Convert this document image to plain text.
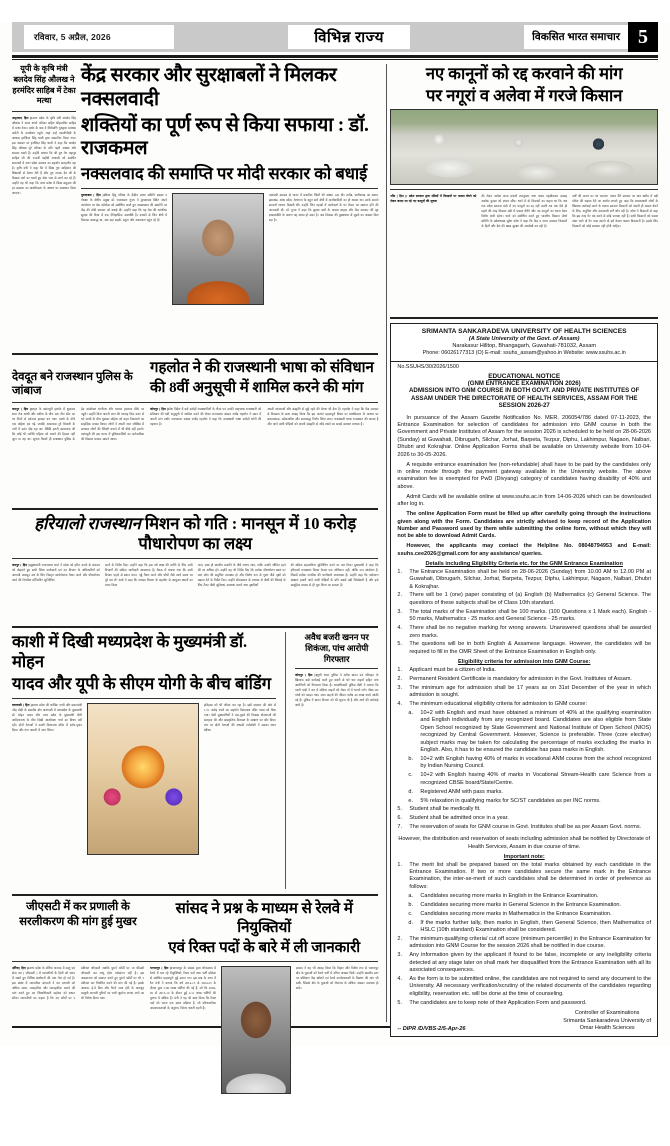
रविवार, 5 अप्रैल, 2026	विभिन्न राज्य	विकसित भारत समाचार 5
यूपी के कृषि मंत्री बलदेव सिंह औलख ने हरमंदिर साहिब में टेका मत्था
अमृतसर( हिम )।उत्तर प्रदेश के कृषि मंत्री बलदेव सिंह औलख ने आज अपने परिवार सहित श्रीहरमंदिर साहिब में माथा टेका। दर्शन के बाद वे शिरोमणि गुरुद्वारा प्रबंधक कमेटी के कार्यालय पहुंचे, जहां उन्हें एसजीपीसी के अध्यक्ष हरजिंदर सिंह धामी द्वारा सम्मानित किया गया। इस अवसर पर हरजिंदर सिंह धामी ने कहा कि बलदेव सिंह औलख पूरे परिवार के प्रति गहरी आस्था और सम्मान रखते हैं। उन्होंने बताया कि श्री गुरु तेग बहादुर साहिब जी की 350वीं शहीदी शताब्दी को समर्पित समागमों में उत्तर प्रदेश सरकार का सहयोग सराहनीय रहा है। कृषि मंत्री ने कहा कि वे सिख गुरु साहिबान की शिक्षाओं से प्रेरणा लेते हैं और गुरु नानक देव जी के दिखाए मार्ग पर चलते हुए सेवा भाव से कार्य कर रहे हैं। उन्होंने यह भी कहा कि उत्तर प्रदेश में सिख समुदाय की हर समस्या का प्राथमिकता के आधार पर समाधान किया जाएगा।
केंद्र सरकार और सुरक्षाबलों ने मिलकर नक्सलवादी
शक्तियों का पूर्ण रूप से किया सफाया : डॉ. राजकमल
नक्सलवाद की समाप्ति पर मोदी सरकार को बधाई
मुरादाबाद ( हिम )।विश्व हिंदू परिषद के केंद्रीय प्रचार समिति सदस्य व गोरक्षा के क्षेत्रीय प्रमुख डॉ. राजकमल गुप्ता ने मुरादाबाद स्थित अपने कार्यालय पर प्रेस कॉन्फ्रेंस को संबोधित करते हुए नक्सलवाद की समाप्ति पर केंद्र की मोदी सरकार को बधाई दी। उन्होंने कहा कि यह देश की आंतरिक सुरक्षा की दिशा में एक ऐतिहासिक उपलब्धि है। दशकों से जिन क्षेत्रों में विकास अवरुद्ध था, अब वहां सड़कें, स्कूल और अस्पताल पहुंच रहे हैं।
वामपंथी उग्रवाद से भारत में प्रभावित जिलों की संख्या 126 थी। राजेंद्र, छत्तीसगढ़ का बस्तर, झारखंड, आंध्र प्रदेश, तेलंगाना के बहुत सारे क्षेत्रों में माओवादियों का ही शासन था। उनके सामने सरकारें लाचार दिखती थीं। उन्होंने जिन पहाड़ों में कार्यकर्ता के घर मैदान का समाप्त होने की जानकारी दी। डॉ. गुप्ता ने कहा कि सुरक्षा बलों के अदम्य साहस और केंद्र सरकार की दृढ़ इच्छाशक्ति के कारण यह संभव हो सका है। अब विकास की मुख्यधारा से जुड़ने का अवसर मिल रहा है।
देवदूत बने राजस्थान पुलिस के जांबाज
गहलोत ने की राजस्थानी भाषा को संविधान
की 8वीं अनुसूची में शामिल करने की मांग
जयपुर ( हिम )।शहर के बसंतपुरी इलाके में शुक्रवार शाम तेज आंधी और बारिश के बीच एक तीन सीट का घर गिरने से दर्दनाक हादसा बन गया। मलबे के नीचे एक महिला दब गई, जबकि आसपास टूटे बिजली के तारों में करंट दौड़ रहा था। स्थिति इतनी खतरनाक थी कि कोई भी व्यक्ति महिला को बचाने की हिम्मत नहीं जुटा पा रहा था। सूचना मिलते ही राजस्थान पुलिस के हेड कांस्टेबल भागीरथ और चालक हंसराज मौके पर पहुंचे। उन्होंने बिना अपनी जान की परवाह किए करंट से भरे मलबे के बीच घुसकर महिला को बाहर निकालने का साहसिक प्रयास किया। लोगों ने अपनी जान जोखिम में डालकर लोगों की जिंदगी बचाने में भी पीछे नहीं हटाते। बसंतपुरी की इस घटना में पुलिसकर्मियों का कर्तव्यनिष्ठा की मिसाल बनकर सामने आया।
जोधपुर ( हिम )।देश विदेश में बसे करोड़ों राजस्थानियों के गौरव एवं उनकी मातृभाषा राजस्थानी को संविधान की 8वीं अनुसूची में शामिल करने की लेकर राज्यसभा सांसद राजेंद्र गहलोत ने सदन में अपनी मांग रखी। राज्यसभा सांसद राजेंद्र गहलोत ने कहा कि राजस्थानी भाषा करोड़ों लोगों की पहचान है।
अपनी परंपराओं और संस्कृति से जुड़े रहने की प्रेरणा भी देता है। गहलोत ने कहा कि केंद्र सरकार से विनम्रता के साथ आग्रह किया कि इस अत्यंत महत्वपूर्ण विषय पर प्राथमिकता के आधार पर सकारात्मक, संवेदनशील और समयबद्ध निर्णय लिया जाए। राजस्थानी भाषा राजस्थान की आत्मा है और आने वाली पीढ़ियों को अपनी संस्कृति से जोड़े रखने का सबसे सशक्त माध्यम है।
हरियालो राजस्थान मिशन को गति : मानसून में 10 करोड़ पौधारोपण का लक्ष्य
जयपुर ( हिम )।मुख्यमंत्री भजनलाल शर्मा ने प्रदेश को हरित बनाने के संकल्प को दोहराते हुए सभी जिला कलेक्टरों एवं वन विभाग के अधिकारियों को आगामी मानसून सत्र के लिए विस्तृत कार्ययोजना तैयार करने और पौधारोपण कार्य की नियमित मॉनिटरिंग सुनिश्चित
करने के निर्देश दिए। उन्होंने कहा कि इस वर्ष लक्ष्य की प्राप्ति के लिए सभी विभागों की सक्रिय भागीदारी आवश्यक है। बैठक में बताया गया कि सभी विभाग पहले से स्थान चयन, गड्ढे तैयार करने और पौधों जैसे कार्य समय पर पूरे कर लें। शर्मा ने कहा कि राजस्व विभाग के सहयोग से उपयुक्त स्थानों का चयन किया
जाए, साथ ही स्थानीय प्रजाति के पौधे लगाए जाएं, ताकि उनकी जीवित रहने की दर अधिक हो। उन्होंने यह भी निर्देश दिए कि प्रत्येक पौधारोपण स्थल पर जल स्रोत की समुचित व्यवस्था हो और विशेष रूप से गूलर जैसे वृक्षों को बढ़ावा देने के निर्देश दिए। उन्होंने सीएसआर के माध्यम से पौधों की सिंचाई के लिए टैंकर जैसी सुविधाएं उपलब्ध कराने तथा वृक्षमित्रों
की सक्रिय सहभागिता सुनिश्चित करने पर बल दिया। मुख्यमंत्री ने कहा कि हरियालो राजस्थान मिशन केवल एक अभियान नहीं, बल्कि जन आंदोलन है, जिसमें प्रत्येक नागरिक की भागीदारी आवश्यक है। उन्होंने कहा कि पर्यावरण संरक्षण हमारी आने वाली पीढ़ियों के प्रति सबसे बड़ी जिम्मेदारी है और इसे सामूहिक प्रयास से ही पूरा किया जा सकता है।
काशी में दिखी मध्यप्रदेश के मुख्यमंत्री डॉ. मोहन
यादव और यूपी के सीएम योगी के बीच बांडिंग
वाराणसी ( हिम )।उत्तर प्रदेश की धार्मिक नगरी और प्रधानमंत्री नरेंद्र मोदी के संसदीय क्षेत्र वाराणसी में मध्यप्रदेश के मुख्यमंत्री डॉ. मोहन यादव और उत्तर प्रदेश के मुख्यमंत्री योगी आदित्यनाथ के बीच दिखी आत्मीयता चर्चा का विषय बनी रही। दोनों नेताओं ने काशी विश्वनाथ मंदिर में दर्शन-पूजन किया और गंगा आरती में भाग लिया।
इतिहास को भी जीवंत कर रहा है। इसी सरकार की ओर से 1.51 करोड़ रुपये का सहयोग विश्वनाथ मंदिर न्यास को दिया गया। दोनों मुख्यमंत्रियों ने एक-दूसरे की विकास योजनाओं की सराहना की और सांस्कृतिक विरासत के संरक्षण पर जोर दिया। मंच पर दोनों नेताओं की आपसी गर्मजोशी ने सबका ध्यान खींचा।
अवैध बजरी खनन पर
शिकंजा, पांच आरोपी गिरफ्तार
जोधपुर ( हिम )।लूणी थाना पुलिस ने अवैध खनन एवं परिवहन के खिलाफ बड़ी कार्रवाई करते हुए बजरी से भरे चार वाहनों सहित पांच आरोपियों को गिरफ्तार किया है। थानाधिकारी पुलिस बीती ने बताया कि गश्ती गाड़ी ने रात में संदिग्ध वाहनों को रोका तो वे भागने लगे। पीछा कर पांचों को पकड़ा गया। जब्त वाहनों की कीमत करीब 40 लाख रुपये आंकी गई है। पुलिस ने खनन विभाग को भी सूचना दी है और आगे की कार्रवाई जारी है।
जीएसटी में कर प्रणाली के
सरलीकरण की मांग हुई मुखर
सांसद ने प्रश्न के माध्यम से रेलवे में नियुक्तियों
एवं रिक्त पदों के बारे में ली जानकारी
औरैया( हिम )।उत्तर प्रदेश के औरैया जनपद में वस्तु एवं सेवा कर ( जीएसटी ) में व्यापारियों के हितों को ध्यान में रखते हुए विभिन्न संशोधनों की मांग तेज हो गई है। इस संबंध में व्यापारिक संगठनों ने कर प्रणाली को अधिक सरल, व्यवहारिक और व्यावहारिक बनाने की मांग करते हुए उप जिलाधिकारी महोदय को ज्ञापन सौंपा। व्यापारियों का कहना है कि नए फॉर्मों पर 5 प्रतिशत जीएसटी जबकि पुराने फॉर्मों पर 18 फीसदी जीएसटी कर लागू होना तर्कसंगत नहीं है। इस असमानता को समाप्त करते हुए पुराने फॉर्मों पर भी 5 प्रतिशत कर निर्धारित करने की मांग की गई है। इसके अलावा, ई-वे बिल और रिटर्न जमा होने के बावजूद मामूली कागजी त्रुटियों पर भारी जुर्माना लगाए जाने का भी विरोध किया गया।
भागलपुर ( हिम )।भागलपुर के सांसद द्वारा लोकसभा में रेलवे में चल रहे नियुक्तियों, रिक्त पदों तथा भर्ती प्रक्रिया से संबंधित महत्वपूर्ण मुद्दे उठाए गए। इस प्रश्न के उत्तर में रेल मंत्री ने बताया कि वर्ष 2014-15 से 2024-25 के दौरान कुल 5.06 लाख भर्तियां की गई हैं, जो कि 2004-05 से 2013-14 के दौरान हुई 4.11 लाख भर्तियों की तुलना में अधिक हैं। मंत्री ने यह भी स्पष्ट किया कि रिक्त पदों को भरना एक सतत प्रक्रिया है, जो परिचालनिक आवश्यकताओं के अनुरूप निरंतर चलती रहती है।
सांसद ने यह भी आग्रह किया कि बिहार और विशेष रूप से भागलपुर क्षेत्र के युवाओं को रेलवे भर्ती में उचित अवसर मिले। उन्होंने स्थानीय स्तर पर प्रशिक्षण केंद्र खोलने एवं रेलवे कार्यशालाओं के विस्तार की मांग भी रखी, जिससे क्षेत्र के युवाओं को रोजगार के अधिक अवसर उपलब्ध हो सकें।
नए कानूनों को रद्द करवाने की मांग
पर नगूरां व अलेवा में गरजे किसान
जींद ( हिम )। प्रदेश सरकार द्वारा मंडियों में किसानों पर फसल बेचने को लेकर बनाए जा रहे नए कानूनों की सूचना
की लेकर अलेवा थाना प्रभारी रामकुमार तथा नायब तहसीलदार उत्साह अशोक कुमार को ज्ञापन सौंप। धरने में दो किसानों का कहना था कि जब तक प्रदेश सरकार मंडी में नए कानूनों का रद्द नहीं करती तब तक ऐसे ही पहले की तरह किसान मंडी में फसल बेचेंगे और नए कानूनों का धरना देकर विरोध जारी रहेगा। धरने को संबोधित करते हुए भारतीय किसान मोर्चा समिति के प्रदेशाध्यक्ष सुरेश कोथ ने कहा कि केंद्र व राज्य सरकार किसानों के हितों और देश की खाद्य सुरक्षा की अनदेखी कर रही है।
वर्षों की कतार पर जा जाएगा। नायब मैंने सरकार पर धान खरीद में बड़ी पोर्टल की बढ़ावा देने का आरोप लगाते हुए कहा कि प्रभावशाली लोगों के खिलाफ कार्रवाई करने के बजाय सरकार किसानों को अपनी ही फसल बेचने के लिए, अनुचित और दमनकारी शर्तें थोप रही है। कोथ ने किसानों से कहा कि इस तरह गेट बंद करने से कोई फायदा नहीं है। सभी किसानों को फसल अंदर जाने दो गेट पास काटने दो हमें केवल फसल बिकवानी है। इसके लिए किसानों को कोई समस्या नहीं होनी चाहिए।
SRIMANTA SANKARADEVA UNIVERSITY OF HEALTH SCIENCES
(A State University of the Govt. of Assam)
Narakasur Hilltop, Bhangagarh, Guwahati-781032, Assam
Phone: 06026177313 (O) E-mail: ssuhs_assam@yahoo.in Website: www.ssuhs.ac.in
No.SSUHS/30/2026/1500
EDUCATIONAL NOTICE
(GNM ENTRANCE EXAMINATION 2026)
ADMISSION INTO GNM COURSE IN BOTH GOVT. AND PRIVATE INSTITUTES OF ASSAM UNDER THE DIRECTORATE OF HEALTH SERVICES, ASSAM FOR THE SESSION 2026-27

In pursuance of the Assam Gazette Notification No. MER. 206054/786 dated 07-11-2023, the Entrance Examination for selection of candidates for admission into GNM course in both the Government and Private Institutes of Assam for the session 2026 is scheduled to be held on 28-06-2026 (Sunday) at Guwahati, Dibrugarh, Silchar, Jorhat, Barpeta, Tezpur, Diphu, Lakhimpur, Nagaon, Nalbari, Dhubri and Kokrajhar. Online Application Forms shall be available on University website from 10-04-2026 to 30-05-2026.

A requisite entrance examination fee (non-refundable) shall have to be paid by the candidates only in online mode through the payment gateway available in the University website. The above examination fee is exempted for PwD (Divyang) category of candidates having disability of 40% and above.

Admit Cards will be available online at www.ssuhs.ac.in from 14-06-2026 which can be downloaded after log in.

The online Application Form must be filled up after carefully going through the instructions given along with the Form. Candidates are strictly advised to keep record of the Application Number and Password used by them while submitting the online form, without which they will not be able to download Admit Cards.

However, the applicants may contact the Helpline No. 08048794953 and E-mail: ssuhs.cee2026@gmail.com for any assistance/ queries.

Details including Eligibility Criteria etc. for the GNM Entrance Examination
1.	The Entrance Examination shall be held on 28-06-2026 (Sunday) from 10.00 AM to 12.00 PM at Guwahati, Dibrugarh, Silchar, Jorhat, Barpeta, Tezpur, Diphu, Lakhimpur, Nagaon, Nalbari, Dhubri & Kokrajhar.
2.	There will be 1 (one) paper consisting of (a) English (b) Mathematics (c) General Science. The questions of these subjects shall be of Class 10th standard.
3.	The total marks of the Examination shall be 100 marks. (100 Questions x 1 Mark each). English - 50 marks, Mathematics - 25 marks and General Science - 25 marks.
4.	There shall be no negative marking for wrong answers. Unanswered questions shall be awarded zero marks.
5.	The questions will be in both English & Assamese language. However, the candidates will be required to fill in the OMR Sheet of the Entrance Examination in English only.
Eligibility criteria for admission into GNM Course:
1.	Applicant must be a citizen of India.
2.	Permanent Resident Certificate is mandatory for admission in the Govt. Institutes of Assam.
3.	The minimum age for admission shall be 17 years as on 31st December of the year in which admission is sought.
4.	The minimum educational eligibility criteria for admission to GNM course:
a.	10+2 with English and must have obtained a minimum of 40% at the qualifying examination and English individually from any recognized board. Candidates are also eligible from State Open School recognized by State Government and National Institute of Open School (NIOS) recognized by Central Government. However, Science is preferable. Three (core elective) subject marks may be taken for calculating the percentage of marks excluding the marks in English. Also, it has to be ensured the candidate has pass marks in English.
b.	10+2 with English having 40% of marks in vocational ANM course from the school recognized by Indian Nursing Council.
c.	10+2 with English having 40% of marks in Vocational Stream-Health care Science from a recognized CBSE board/State/Centre.
d.	Registered ANM with pass marks.
e.	5% relaxation in qualifying marks for SC/ST candidates as per INC norms.
5.	Student shall be medically fit.
6.	Student shall be admitted once in a year.
7.	The reservation of seats for GNM course in Govt. Institutes shall be as per Assam Govt. norms.

However, the distribution and reservation of seats including admission shall be notified by Directorate of Health Services, Assam in due course of time.

Important note:
1.	The merit list shall be prepared based on the total marks obtained by each candidate in the Entrance Examination. If two or more candidates secure the same mark in the Entrance Examination, the inter-se-merit of such candidates shall be determined in order of preference as follows:
a.	Candidates securing more marks in English in the Entrance Examination.
b.	Candidates securing more marks in General Science in the Entrance Examination.
c.	Candidates securing more marks in Mathematics in the Entrance Examination.
d.	If the marks further tally, then marks in English, then General Science, then Mathematics of HSLC (10th standard) Examination shall be considered.
2.	The minimum qualifying criteria/ cut off score (minimum percentile) in the Entrance Examination for admission into GNM Course for the session 2026 shall be notified in due course.
3.	Any information given by the applicant if found to be false, incomplete or any ineligibility criteria detected at any stage later on shall mark her disqualified from the Entrance Examination with all its associated consequences.
4.	As the form is to be submitted online, the candidates are not required to send any document to the University. All necessary verification/scrutiny of the related documents of the candidates regarding eligibility, reservation etc. will be done at the time of counseling.
5.	The candidates are to keep note of their Application Form and password.
-- DIPR /D/VBS-2/5-Apr-26
Controller of Examinations
Srimanta Sankaradeva University of
Omar Health Sciences
